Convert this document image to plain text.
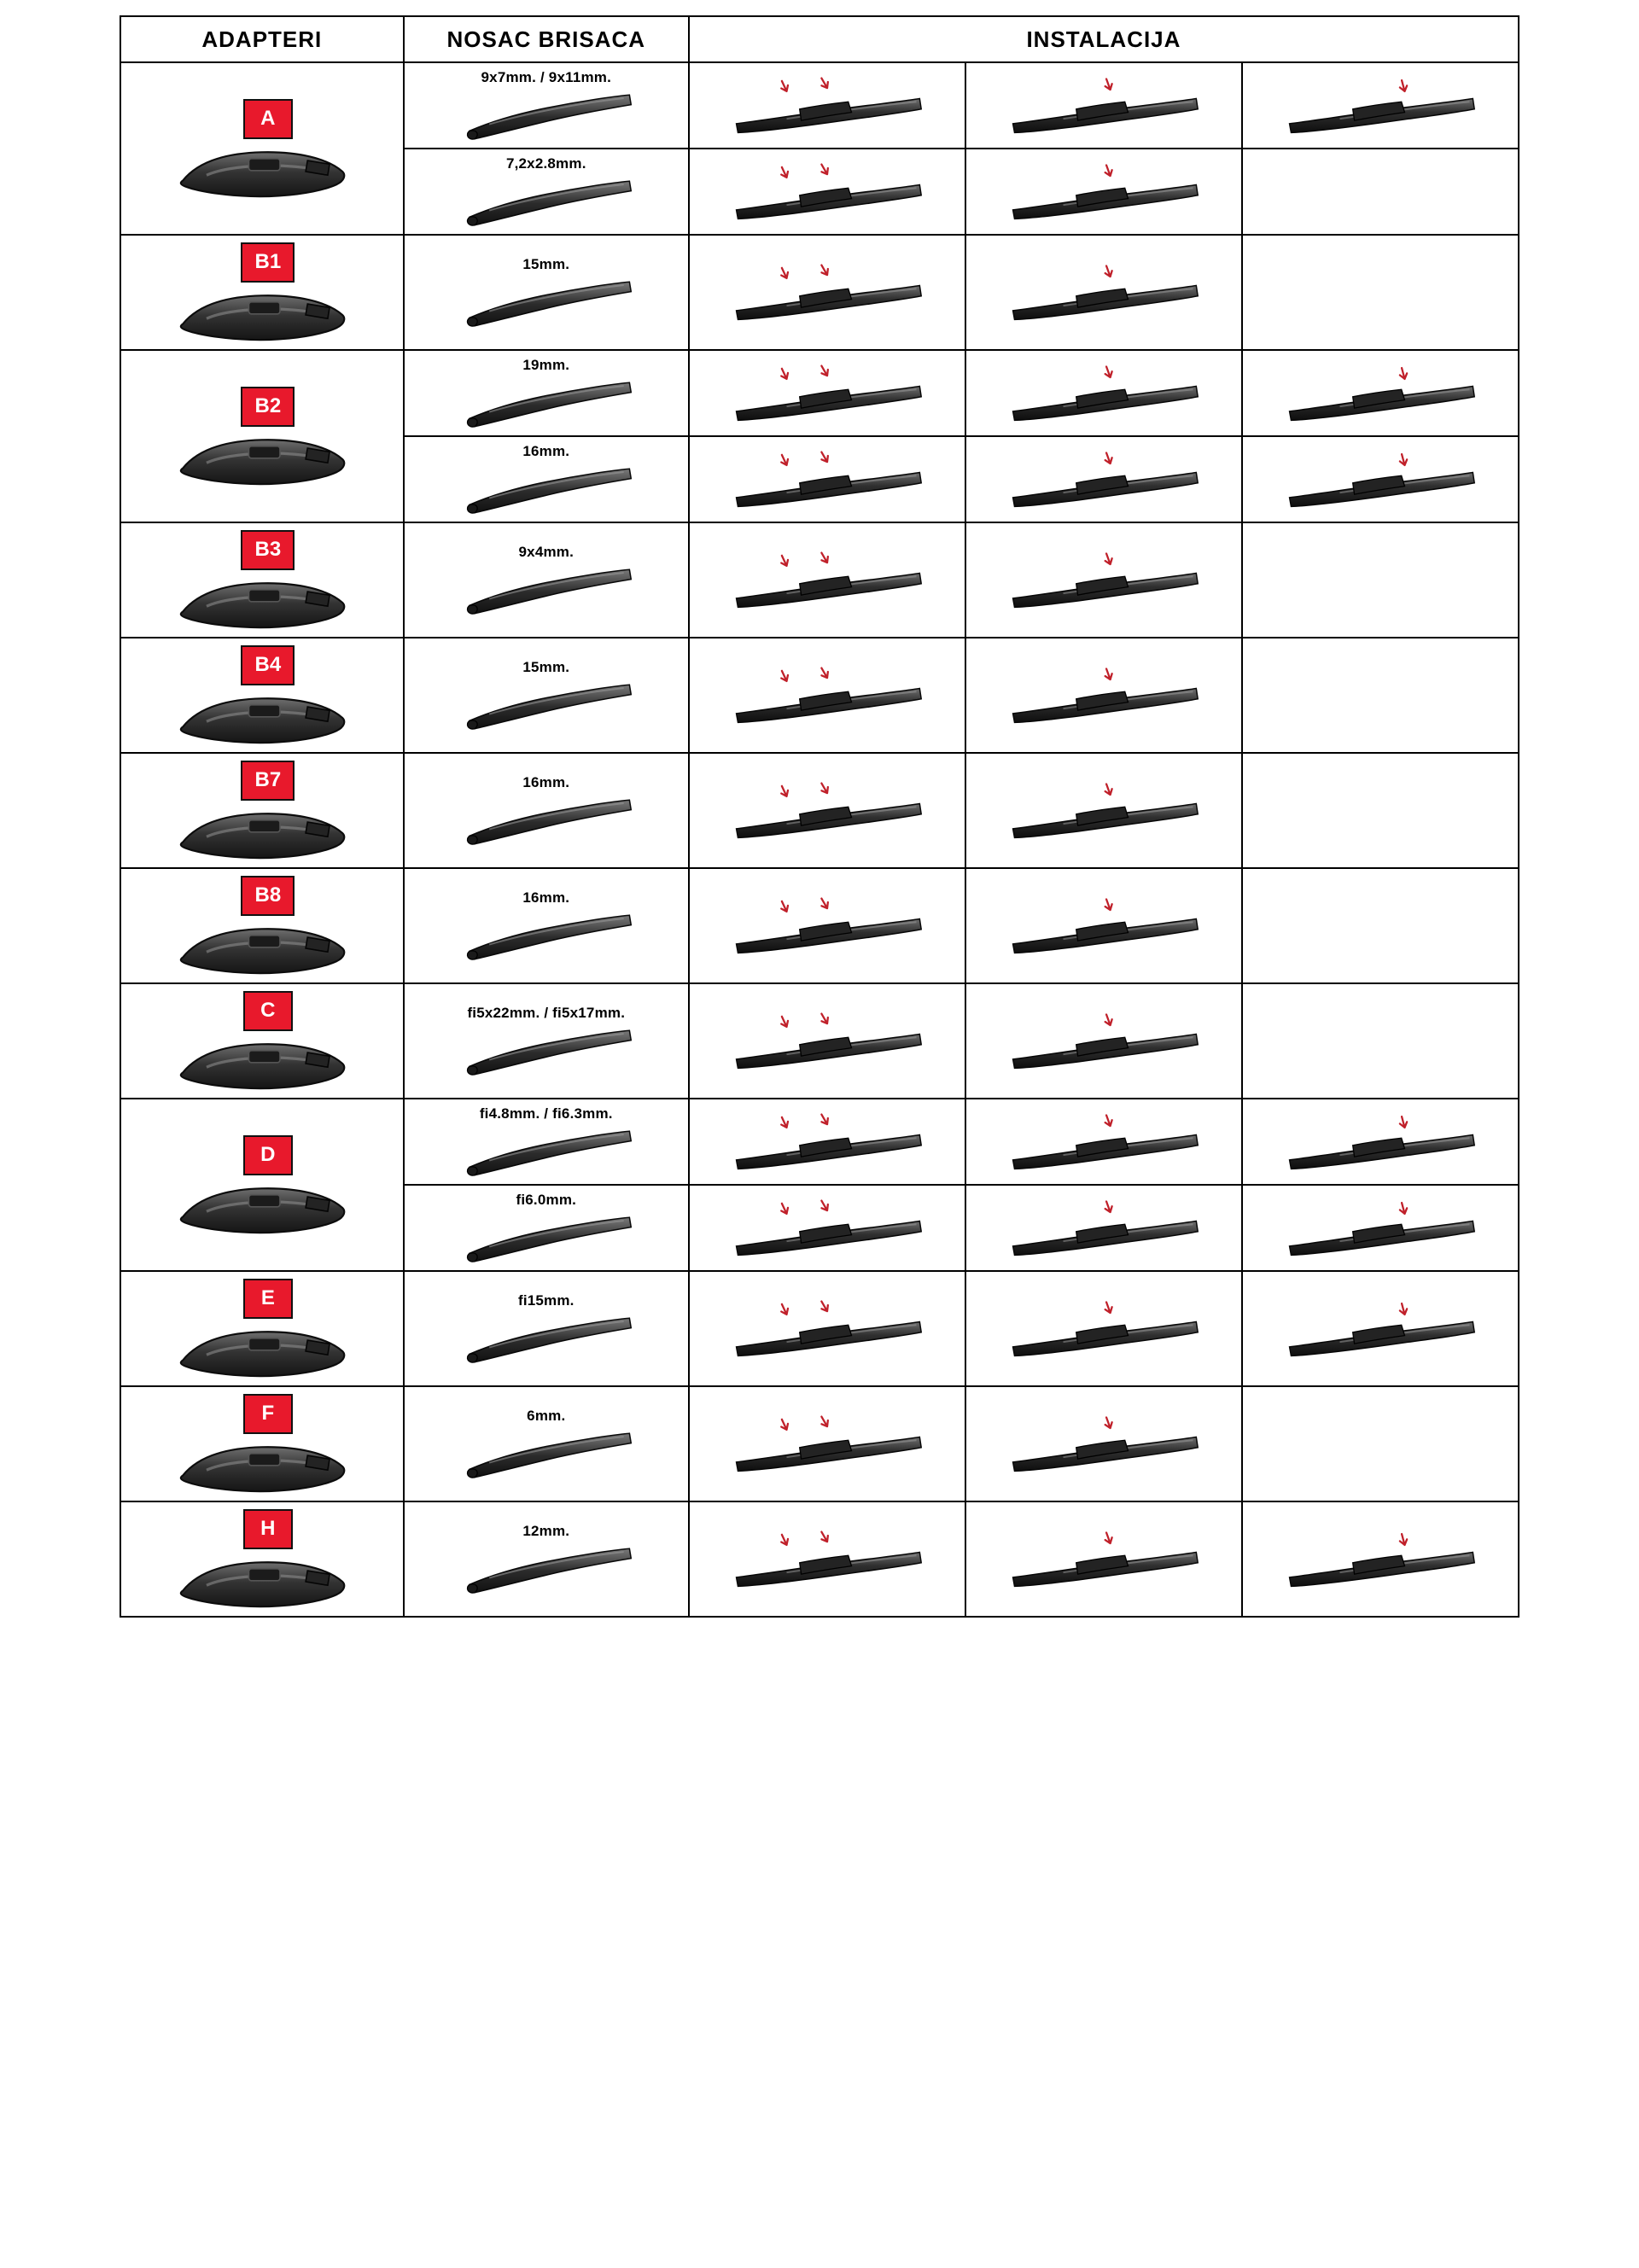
ADAPTERI	NOSAC BRISACA	INSTALACIJA		

A	9x7mm. / 9x11mm.

	7,2x2.8mm.

B1	15mm.

B2	19mm.

	16mm.

B3	9x4mm.

B4	15mm.

B7	16mm.

B8	16mm.

C	fi5x22mm. / fi5x17mm.

D	fi4.8mm. / fi6.3mm.

	fi6.0mm.

E	fi15mm.

F	6mm.

H	12mm.
